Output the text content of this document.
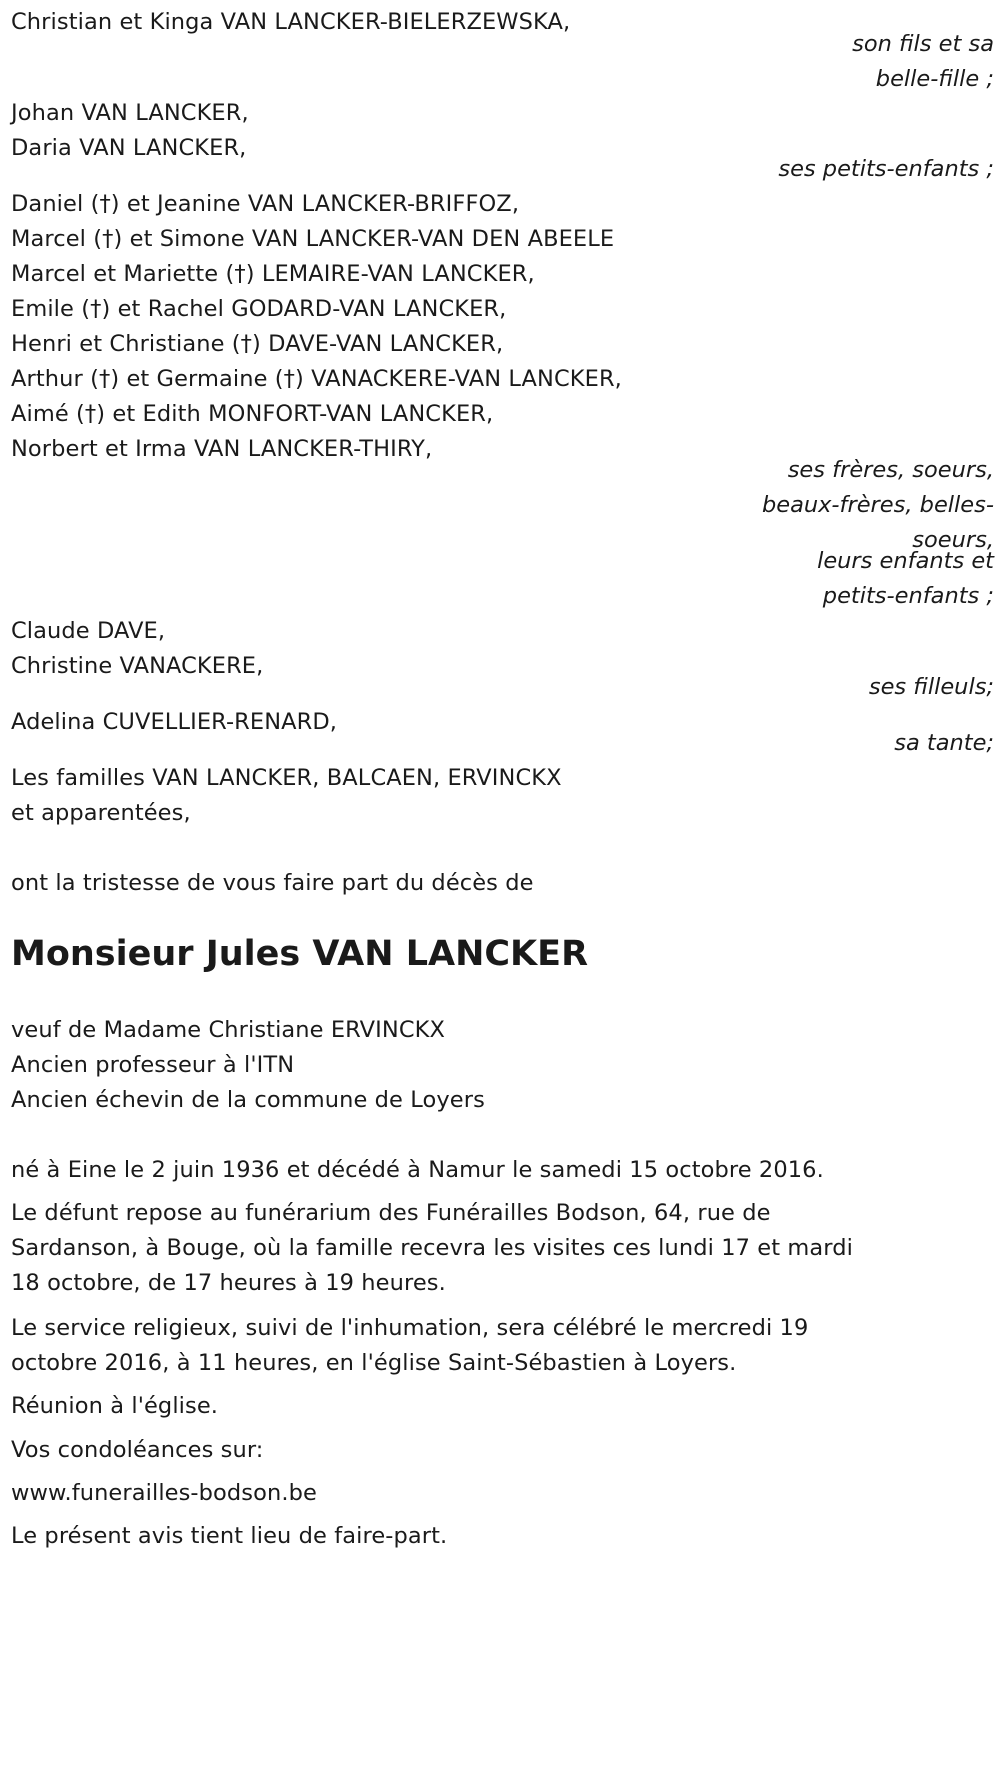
Christian et Kinga VAN LANCKER-BIELERZEWSKA,
son fils et sa
belle-fille ;
Johan VAN LANCKER,
Daria VAN LANCKER,
ses petits-enfants ;
Daniel (†) et Jeanine VAN LANCKER-BRIFFOZ,
Marcel (†) et Simone VAN LANCKER-VAN DEN ABEELE
Marcel et Mariette (†) LEMAIRE-VAN LANCKER,
Emile (†) et Rachel GODARD-VAN LANCKER,
Henri et Christiane (†) DAVE-VAN LANCKER,
Arthur (†) et Germaine (†) VANACKERE-VAN LANCKER,
Aimé (†) et Edith MONFORT-VAN LANCKER,
Norbert et Irma VAN LANCKER-THIRY,
ses frères, soeurs,
beaux-frères, belles-
soeurs,
leurs enfants et
petits-enfants ;
Claude DAVE,
Christine VANACKERE,
ses filleuls;
Adelina CUVELLIER-RENARD,
sa tante;
Les familles VAN LANCKER, BALCAEN, ERVINCKX
et apparentées,
ont la tristesse de vous faire part du décès de
Monsieur Jules VAN LANCKER
veuf de Madame Christiane ERVINCKX
Ancien professeur à l'ITN
Ancien échevin de la commune de Loyers
né à Eine le 2 juin 1936 et décédé à Namur le samedi 15 octobre 2016.
Le défunt repose au funérarium des Funérailles Bodson, 64, rue de
Sardanson, à Bouge, où la famille recevra les visites ces lundi 17 et mardi
18 octobre, de 17 heures à 19 heures.
Le service religieux, suivi de l'inhumation, sera célébré le mercredi 19
octobre 2016, à 11 heures, en l'église Saint-Sébastien à Loyers.
Réunion à l'église.
Vos condoléances sur:
www.funerailles-bodson.be
Le présent avis tient lieu de faire-part.
